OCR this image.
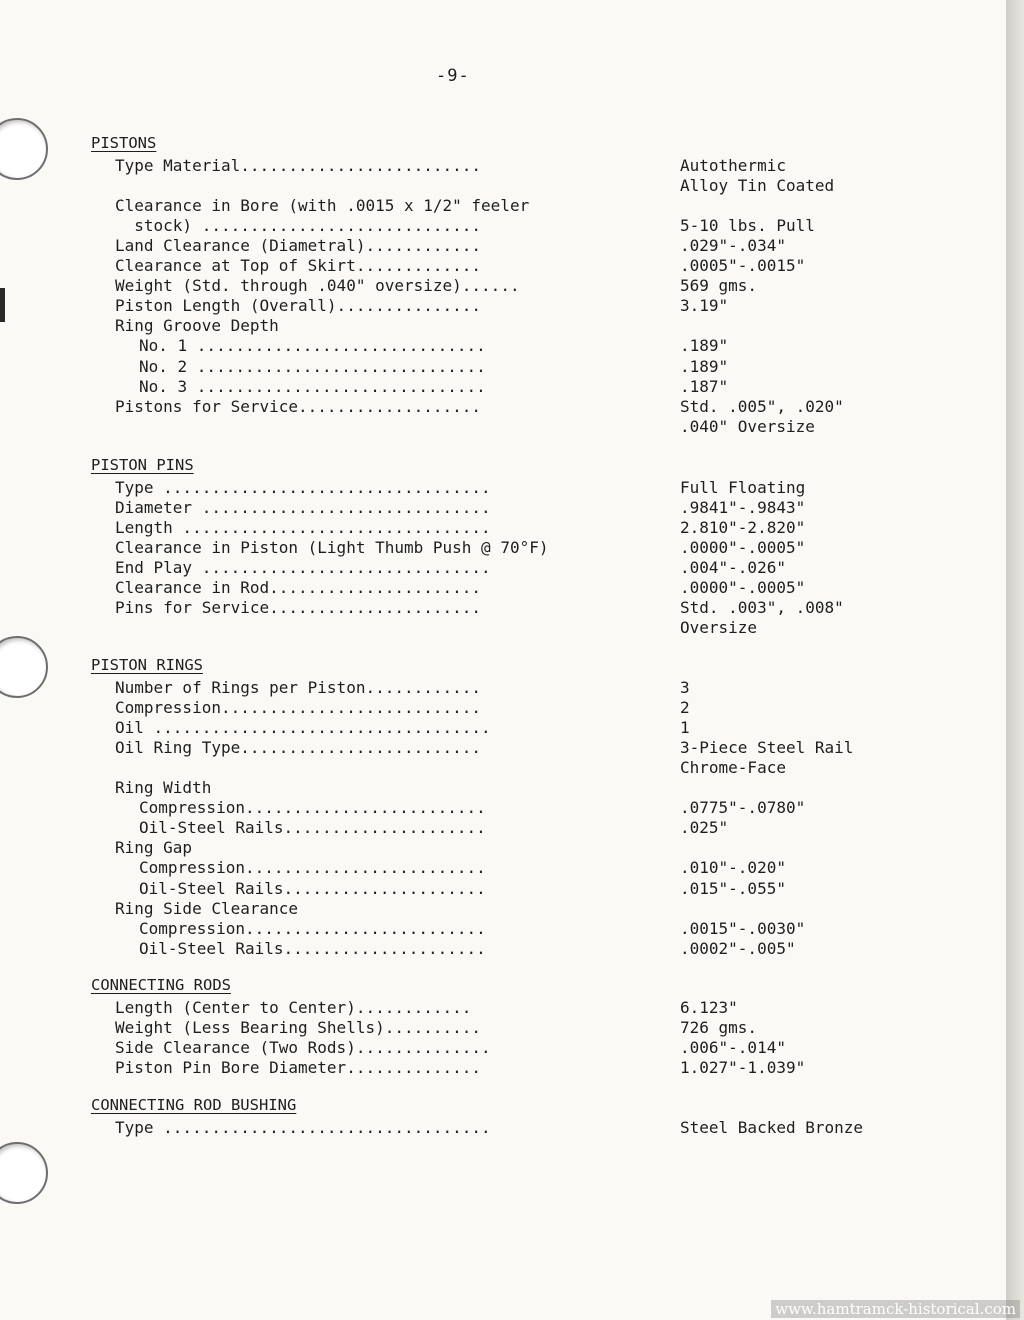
-9-
PISTONS
Type Material.........................	Autothermic
Alloy Tin Coated
Clearance in Bore (with .0015 x 1/2" feeler
stock) .............................	5-10 lbs. Pull
Land Clearance (Diametral)............	.029"-.034"
Clearance at Top of Skirt.............	.0005"-.0015"
Weight (Std. through .040" oversize)......	569 gms.
Piston Length (Overall)...............	3.19"
Ring Groove Depth
No. 1 ..............................	.189"
No. 2 ..............................	.189"
No. 3 ..............................	.187"
Pistons for Service...................	Std. .005", .020"
.040" Oversize
PISTON PINS
Type ..................................	Full Floating
Diameter ..............................	.9841"-.9843"
Length ................................	2.810"-2.820"
Clearance in Piston (Light Thumb Push @ 70°F)	.0000"-.0005"
End Play ..............................	.004"-.026"
Clearance in Rod......................	.0000"-.0005"
Pins for Service......................	Std. .003", .008"
Oversize
PISTON RINGS
Number of Rings per Piston............	3
Compression...........................	2
Oil ...................................	1
Oil Ring Type.........................	3-Piece Steel Rail
Chrome-Face
Ring Width
Compression.........................	.0775"-.0780"
Oil-Steel Rails.....................	.025"
Ring Gap
Compression.........................	.010"-.020"
Oil-Steel Rails.....................	.015"-.055"
Ring Side Clearance
Compression.........................	.0015"-.0030"
Oil-Steel Rails.....................	.0002"-.005"
CONNECTING RODS
Length (Center to Center)............	6.123"
Weight (Less Bearing Shells)..........	726 gms.
Side Clearance (Two Rods)..............	.006"-.014"
Piston Pin Bore Diameter..............	1.027"-1.039"
CONNECTING ROD BUSHING
Type ..................................	Steel Backed Bronze
www.hamtramck-historical.com
